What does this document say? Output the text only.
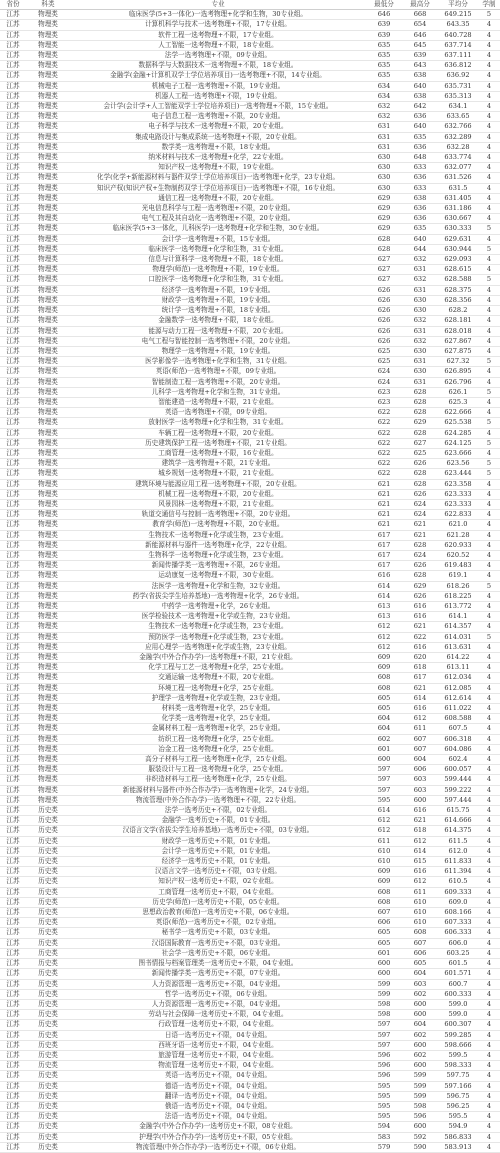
省份	科类	专业	最低分	最高分	平均分	学制
江苏	物理类	临床医学(5+3一体化)一选考物理+化学和生物，30专业组。	646	668	649.215	5
江苏	物理类	计算机科学与技术一选考物理+不限，17专业组。	639	654	643.35	4
江苏	物理类	软件工程一选考物理+不限，17专业组。	639	646	640.728	4
江苏	物理类	人工智能一选考物理+不限，18专业组。	635	645	637.714	4
江苏	物理类	法学一选考物理+不限，09专业组。	635	639	637.111	4
江苏	物理类	数据科学与大数据技术一选考物理+不限，18专业组。	635	643	636.812	4
江苏	物理类	金融学(金融+计算机双学士学位培养项目)一选考物理+不限，14专业组。	635	638	636.92	4
江苏	物理类	机械电子工程一选考物理+不限，19专业组。	634	640	635.731	4
江苏	物理类	机器人工程一选考物理+不限，19专业组。	634	638	635.313	4
江苏	物理类	会计学(会计学+人工智能双学士学位培养项目)一选考物理+不限，15专业组。	632	642	634.1	4
江苏	物理类	电子信息工程一选考物理+不限，20专业组。	632	636	633.65	4
江苏	物理类	电子科学与技术一选考物理+不限，20专业组。	631	640	632.766	4
江苏	物理类	集成电路设计与集成系统一选考物理+不限，20专业组。	631	635	632.289	4
江苏	物理类	数学类一选考物理+不限，18专业组。	631	636	632.28	4
江苏	物理类	纳米材料与技术一选考物理+化学，22专业组。	630	648	633.774	4
江苏	物理类	知识产权一选考物理+不限，19专业组。	630	633	632.077	4
江苏	物理类	化学(化学+新能源材料与器件双学士学位培养项目)一选考物理+化学，23专业组。	630	636	631.526	4
江苏	物理类	知识产权(知识产权+生物制药双学士学位培养项目)一选考物理+不限，16专业组。	630	633	631.5	4
江苏	物理类	通信工程一选考物理+不限，20专业组。	629	638	631.405	4
江苏	物理类	光电信息科学与工程一选考物理+不限，20专业组。	629	636	631.186	4
江苏	物理类	电气工程及其自动化一选考物理+不限，20专业组。	629	636	630.667	4
江苏	物理类	临床医学(5+3一体化，儿科医学)一选考物理+化学和生物，30专业组。	629	635	630.333	5
江苏	物理类	会计学一选考物理+不限，15专业组。	628	640	629.631	4
江苏	物理类	临床医学一选考物理+化学和生物，31专业组。	628	644	630.944	5
江苏	物理类	信息与计算科学一选考物理+不限，18专业组。	627	632	629.093	4
江苏	物理类	物理学(师范)一选考物理+不限，19专业组。	627	631	628.615	4
江苏	物理类	口腔医学一选考物理+化学和生物，31专业组。	627	632	628.588	5
江苏	物理类	经济学一选考物理+不限，19专业组。	626	631	628.375	4
江苏	物理类	财政学一选考物理+不限，19专业组。	626	630	628.356	4
江苏	物理类	统计学一选考物理+不限，18专业组。	626	630	628.2	4
江苏	物理类	金融数学一选考物理+不限，18专业组。	626	632	628.181	4
江苏	物理类	能源与动力工程一选考物理+不限，20专业组。	626	631	628.018	4
江苏	物理类	电气工程与智能控制一选考物理+不限，20专业组。	626	632	627.867	4
江苏	物理类	物理学一选考物理+不限，19专业组。	625	630	627.875	4
江苏	物理类	医学影像学一选考物理+化学和生物，31专业组。	625	631	627.32	5
江苏	物理类	英语(师范)一选考物理+不限，09专业组。	624	630	626.895	4
江苏	物理类	智能制造工程一选考物理+不限，20专业组。	624	631	626.796	4
江苏	物理类	儿科学一选考物理+化学和生物，31专业组。	623	628	626.1	5
江苏	物理类	智能建造一选考物理+不限，21专业组。	623	628	625.3	4
江苏	物理类	英语一选考物理+不限，09专业组。	622	628	622.666	4
江苏	物理类	放射医学一选考物理+化学和生物，31专业组。	622	629	625.538	5
江苏	物理类	车辆工程一选考物理+不限，20专业组。	622	628	624.285	4
江苏	物理类	历史建筑保护工程一选考物理+不限，21专业组。	622	627	624.125	5
江苏	物理类	工商管理一选考物理+不限，16专业组。	622	625	623.666	4
江苏	物理类	建筑学一选考物理+不限，21专业组。	622	626	623.56	5
江苏	物理类	城乡规划一选考物理+不限，21专业组。	622	628	623.444	5
江苏	物理类	建筑环境与能源应用工程一选考物理+不限，20专业组。	621	628	623.358	4
江苏	物理类	机械工程一选考物理+不限，20专业组。	621	626	623.333	4
江苏	物理类	风景园林一选考物理+不限，21专业组。	621	624	623.333	4
江苏	物理类	轨道交通信号与控制一选考物理+不限，20专业组。	621	624	622.833	4
江苏	物理类	教育学(师范)一选考物理+不限，20专业组。	621	621	621.0	4
江苏	物理类	生物技术一选考物理+化学或生物，23专业组。	617	621	621.28	4
江苏	物理类	新能源材料与器件一选考物理+化学，22专业组。	617	628	620.933	4
江苏	物理类	生物科学一选考物理+化学或生物，23专业组。	617	624	620.52	4
江苏	物理类	新闻传播学类一选考物理+不限，26专业组。	617	626	619.483	4
江苏	物理类	运动康复一选考物理+不限，30专业组。	616	628	619.1	4
江苏	物理类	法医学一选考物理+化学和生物，32专业组。	614	629	618.26	5
江苏	物理类	药学(省拔尖学生培养基地)一选考物理+化学，26专业组。	614	626	618.225	4
江苏	物理类	中药学一选考物理+化学，26专业组。	613	616	613.772	4
江苏	物理类	医学检验技术一选考物理+化学或生物，23专业组。	613	616	614.1	4
江苏	物理类	生物技术一选考物理+化学或生物，23专业组。	612	621	614.357	4
江苏	物理类	预防医学一选考物理+化学或生物，23专业组。	612	622	614.031	5
江苏	物理类	应用心理学一选考物理+化学或生物，23专业组。	612	616	613.631	4
江苏	物理类	金融学(中外合作办学)一选考物理+不限，21专业组。	609	620	614.22	4
江苏	物理类	化学工程与工艺一选考物理+化学，25专业组。	609	618	613.11	4
江苏	物理类	交通运输一选考物理+不限，20专业组。	608	617	612.034	4
江苏	物理类	环境工程一选考物理+化学，25专业组。	608	621	612.085	4
江苏	物理类	护理学一选考物理+化学或生物，23专业组。	605	614	612.614	4
江苏	物理类	材料类一选考物理+化学，25专业组。	605	616	611.022	4
江苏	物理类	化学类一选考物理+化学，25专业组。	604	612	608.588	4
江苏	物理类	金属材料工程一选考物理+化学，25专业组。	604	611	607.5	4
江苏	物理类	纺织工程一选考物理+化学，25专业组。	602	607	606.318	4
江苏	物理类	冶金工程一选考物理+化学，25专业组。	601	607	604.086	4
江苏	物理类	高分子材料与工程一选考物理+化学，25专业组。	600	604	602.4	4
江苏	物理类	服装设计与工程一选考物理+化学，25专业组。	597	606	600.057	4
江苏	物理类	非织造材料与工程一选考物理+化学，25专业组。	597	603	599.444	4
江苏	物理类	新能源材料与器件(中外合作办学)一选考物理+化学，24专业组。	597	603	599.222	4
江苏	物理类	物流管理(中外合作办学)一选考物理+不限，22专业组。	595	600	597.444	4
江苏	历史类	法学一选考历史+不限，02专业组。	614	616	615.75	4
江苏	历史类	金融学一选考历史+不限，01专业组。	612	621	614.666	4
江苏	历史类	汉语言文学(省拔尖学生培养基地)一选考历史+不限，03专业组。	612	618	614.375	4
江苏	历史类	财政学一选考历史+不限，01专业组。	611	612	611.5	4
江苏	历史类	会计学一选考历史+不限，01专业组。	610	614	612.0	4
江苏	历史类	经济学一选考历史+不限，01专业组。	610	615	611.833	4
江苏	历史类	汉语言文学一选考历史+不限，03专业组。	609	616	611.394	4
江苏	历史类	知识产权一选考历史+不限，02专业组。	609	612	610.5	4
江苏	历史类	工商管理一选考历史+不限，04专业组。	608	611	609.333	4
江苏	历史类	历史学(师范)一选考历史+不限，05专业组。	608	610	609.0	4
江苏	历史类	思想政治教育(师范)一选考历史+不限，06专业组。	607	610	608.166	4
江苏	历史类	英语(师范)一选考历史+不限，02专业组。	606	610	607.333	4
江苏	历史类	秘书学一选考历史+不限，03专业组。	605	608	606.333	4
江苏	历史类	汉语国际教育一选考历史+不限，03专业组。	605	607	606.0	4
江苏	历史类	社会学一选考历史+不限，06专业组。	601	606	603.25	4
江苏	历史类	图书情报与档案管理类一选考历史+不限，04专业组。	600	605	601.5	4
江苏	历史类	新闻传播学类一选考历史+不限，07专业组。	600	604	601.571	4
江苏	历史类	人力资源管理一选考历史+不限，04专业组。	599	603	600.7	4
江苏	历史类	哲学一选考历史+不限，06专业组。	599	602	600.333	4
江苏	历史类	人力资源管理一选考历史+不限，04专业组。	598	600	599.0	4
江苏	历史类	劳动与社会保障一选考历史+不限，04专业组。	598	600	599.0	4
江苏	历史类	行政管理一选考历史+不限，04专业组。	597	604	600.307	4
江苏	历史类	日语一选考历史+不限，04专业组。	597	602	599.285	4
江苏	历史类	西班牙语一选考历史+不限，04专业组。	597	600	598.666	4
江苏	历史类	旅游管理一选考历史+不限，04专业组。	596	602	599.5	4
江苏	历史类	物流管理一选考历史+不限，04专业组。	596	600	598.333	4
江苏	历史类	英语一选考历史+不限，04专业组。	596	599	597.75	4
江苏	历史类	德语一选考历史+不限，04专业组。	595	599	597.166	4
江苏	历史类	翻译一选考历史+不限，04专业组。	595	599	596.75	4
江苏	历史类	俄语一选考历史+不限，04专业组。	595	598	596.25	4
江苏	历史类	法语一选考历史+不限，04专业组。	595	596	595.5	4
江苏	历史类	金融学(中外合作办学)一选考历史+不限，08专业组。	594	600	594.9	4
江苏	历史类	护理学(中外合作办学)一选考历史+不限，05专业组。	583	592	586.833	4
江苏	历史类	物流管理(中外合作办学)一选考历史+不限，06专业组。	579	590	583.913	4
